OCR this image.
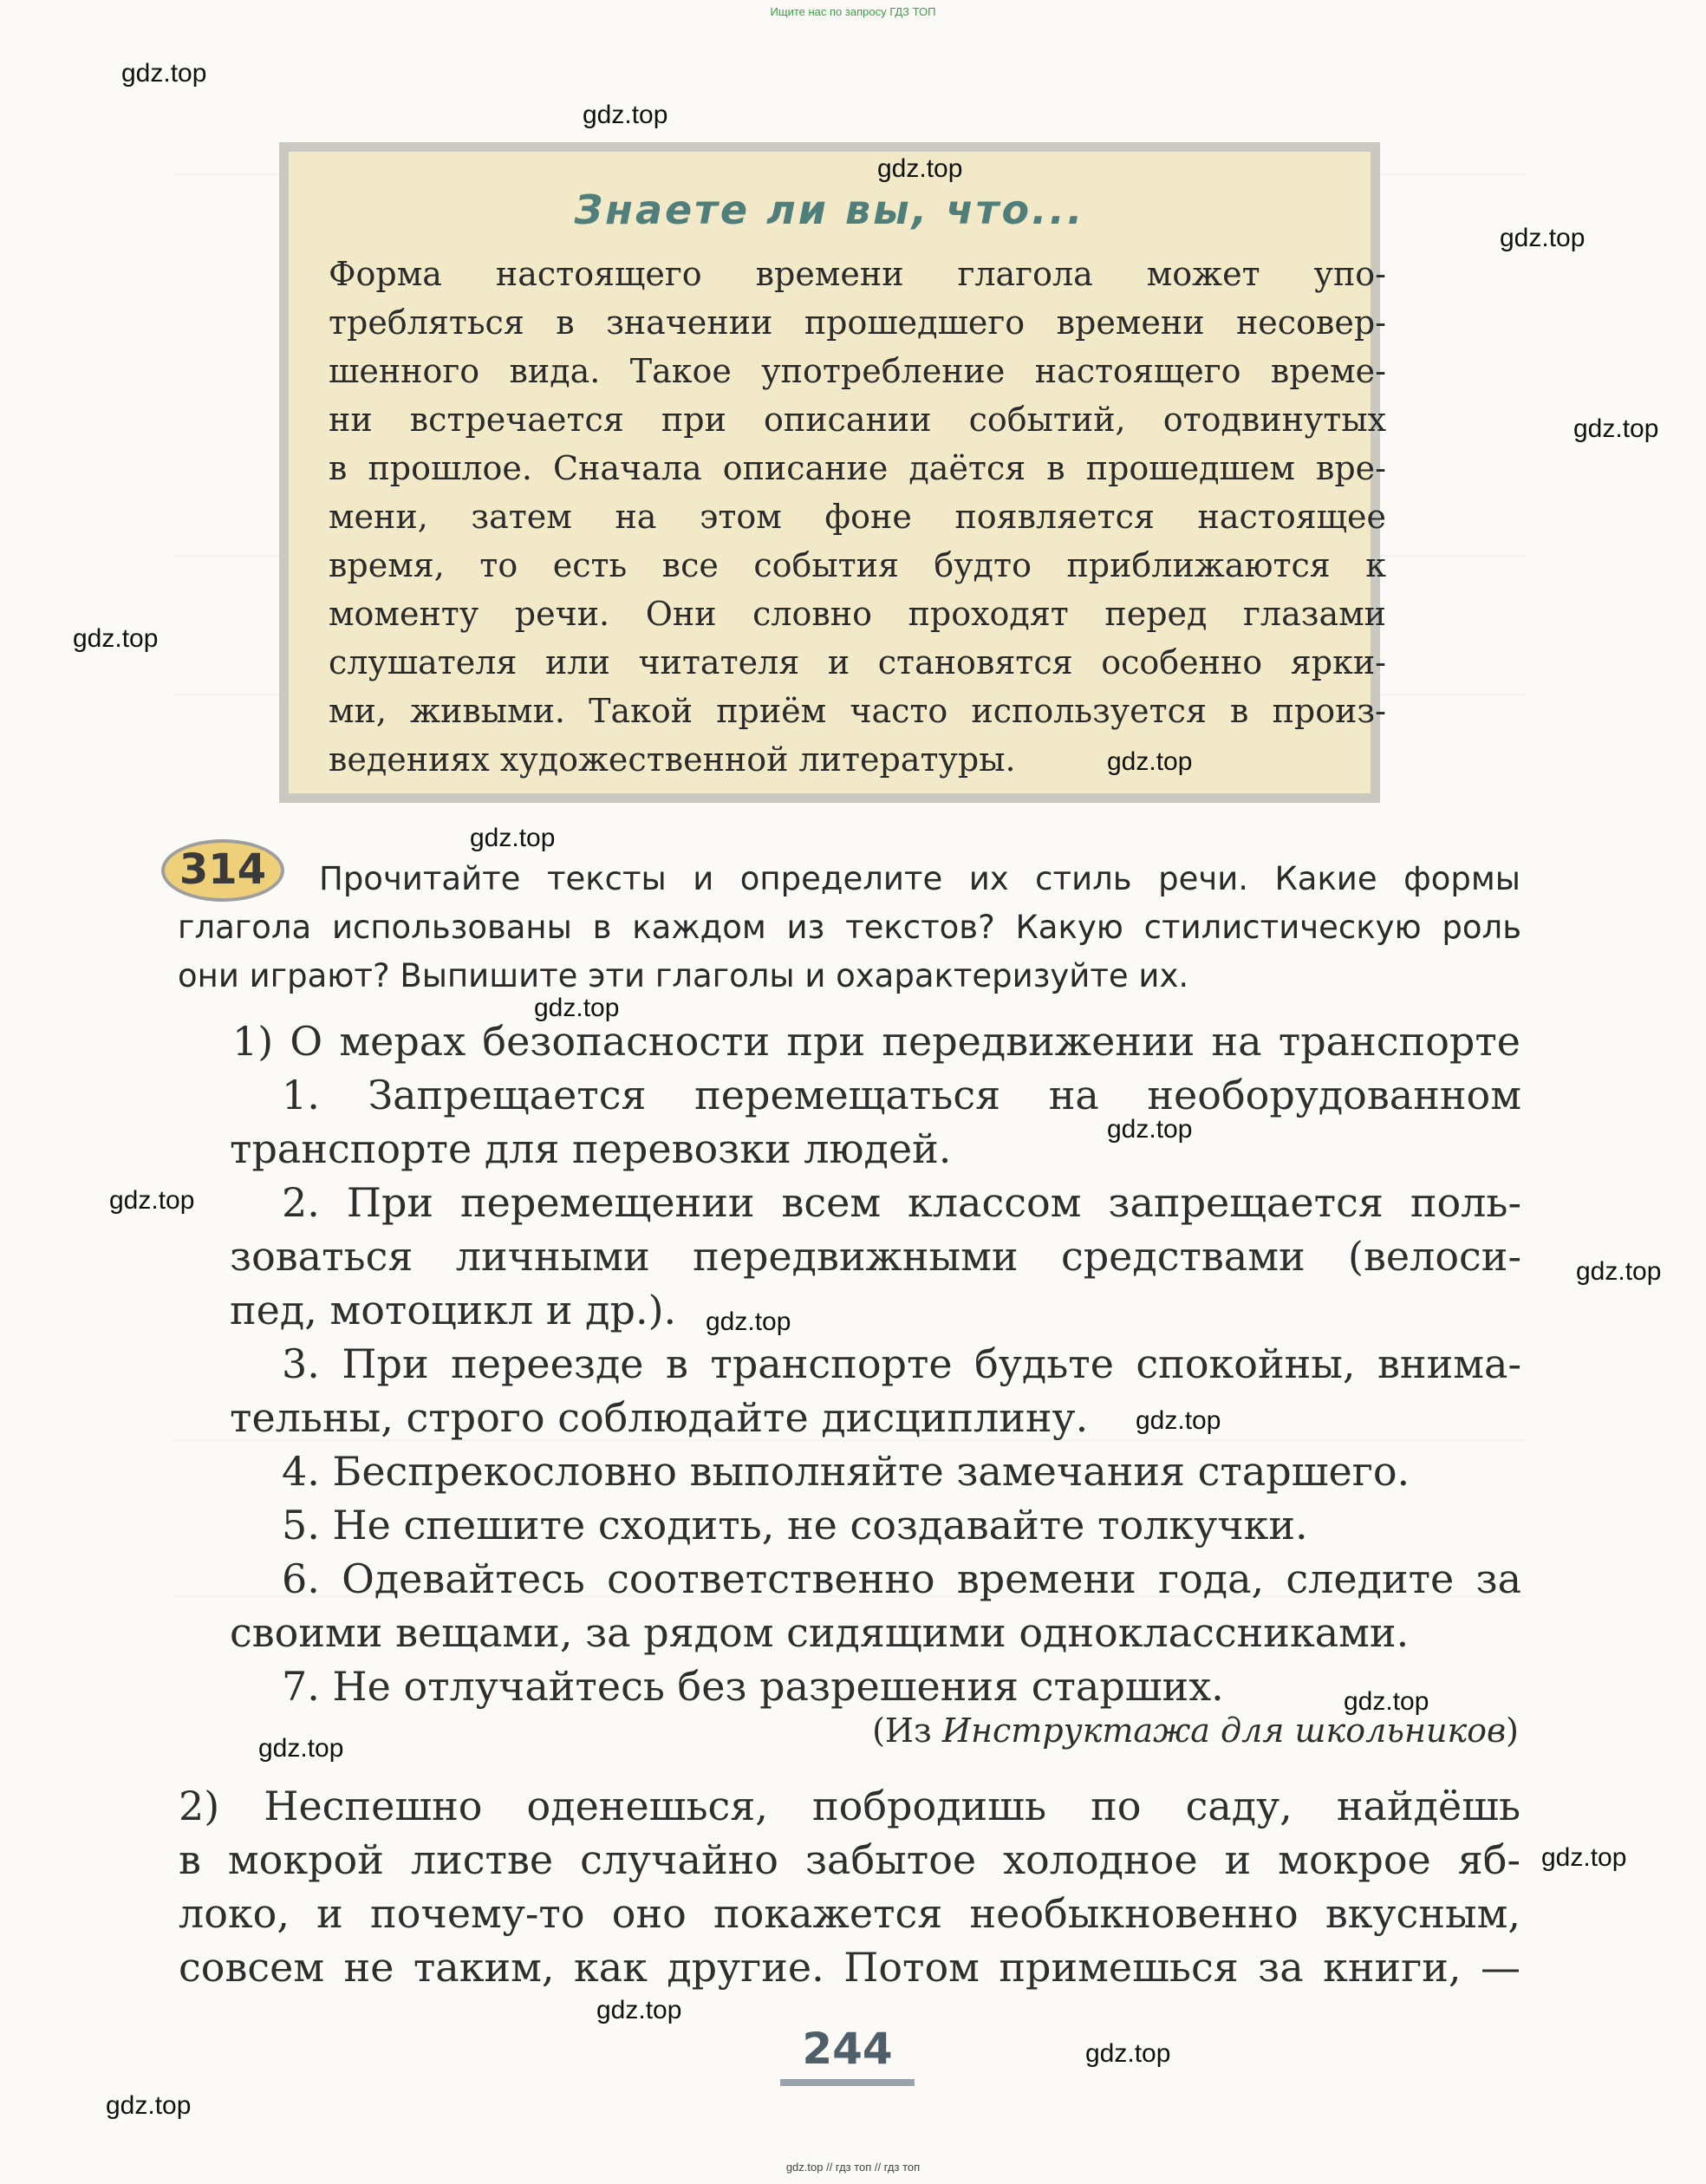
Ищите нас по запросу ГДЗ ТОП
Знаете ли вы, что...
Форма настоящего времени глагола может упо-
требляться в значении прошедшего времени несовер-
шенного вида. Такое употребление настоящего време-
ни встречается при описании событий, отодвинутых
в прошлое. Сначала описание даётся в прошедшем вре-
мени, затем на этом фоне появляется настоящее
время, то есть все события будто приближаются к
моменту речи. Они словно проходят перед глазами
слушателя или читателя и становятся особенно ярки-
ми, живыми. Такой приём часто используется в произ-
ведениях художественной литературы.
314	Прочитайте тексты и определите их стиль речи. Какие формы
глагола использованы в каждом из текстов? Какую стилистическую роль
они играют? Выпишите эти глаголы и охарактеризуйте их.
1) О мерах безопасности при передвижении на транспорте
1. Запрещается перемещаться на необорудованном
транспорте для перевозки людей.
2. При перемещении всем классом запрещается поль-
зоваться личными передвижными средствами (велоси-
пед, мотоцикл и др.).
3. При переезде в транспорте будьте спокойны, внима-
тельны, строго соблюдайте дисциплину.
4. Беспрекословно выполняйте замечания старшего.
5. Не спешите сходить, не создавайте толкучки.
6. Одевайтесь соответственно времени года, следите за
своими вещами, за рядом сидящими одноклассниками.
7. Не отлучайтесь без разрешения старших.
(Из Инструктажа для школьников)
2) Неспешно оденешься, побродишь по саду, найдёшь
в мокрой листве случайно забытое холодное и мокрое яб-
локо, и почему-то оно покажется необыкновенно вкусным,
совсем не таким, как другие. Потом примешься за книги, —
244
gdz.top
gdz.top
gdz.top
gdz.top
gdz.top
gdz.top
gdz.top
gdz.top
gdz.top
gdz.top
gdz.top
gdz.top
gdz.top
gdz.top
gdz.top
gdz.top
gdz.top
gdz.top
gdz.top
gdz.top
gdz.top // гдз топ // гдз топ
